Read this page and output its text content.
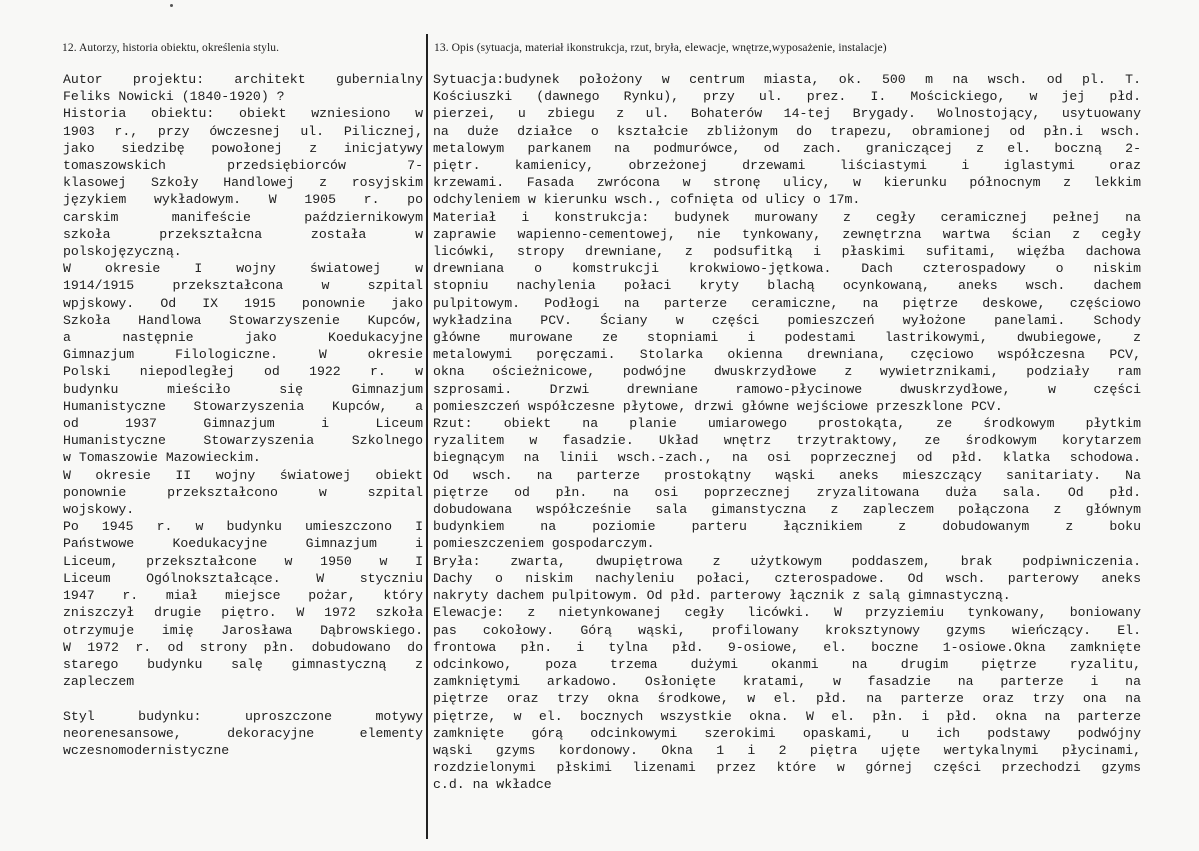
12. Autorzy, historia obiektu, określenia stylu.	13. Opis (sytuacja, materiał ikonstrukcja, rzut, bryła, elewacje, wnętrze,wyposażenie, instalacje)
Autor projektu: architekt gubernialny
Feliks Nowicki (1840-1920) ?
Historia obiektu: obiekt wzniesiono w
1903 r., przy ówczesnej ul. Pilicznej,
jako siedzibę powołonej z inicjatywy
tomaszowskich przedsiębiorców 7-
klasowej Szkoły Handlowej z rosyjskim
językiem wykładowym. W 1905 r. po
carskim manifeście październikowym
szkoła przekształcna została w
polskojęzyczną.
W okresie I wojny światowej w
1914/1915 przekształcona w szpital
wpjskowy. Od IX 1915 ponownie jako
Szkoła Handlowa Stowarzyszenie Kupców,
a następnie jako Koedukacyjne
Gimnazjum Filologiczne. W okresie
Polski niepodległej od 1922 r. w
budynku mieściło się Gimnazjum
Humanistyczne Stowarzyszenia Kupców, a
od 1937 Gimnazjum i Liceum
Humanistyczne Stowarzyszenia Szkolnego
w Tomaszowie Mazowieckim.
W okresie II wojny światowej obiekt
ponownie przekształcono w szpital
wojskowy.
Po 1945 r. w budynku umieszczono I
Państwowe Koedukacyjne Gimnazjum i
Liceum, przekształcone w 1950 w I
Liceum Ogólnokształcące. W styczniu
1947 r. miał miejsce pożar, który
zniszczył drugie piętro. W 1972 szkoła
otrzymuje imię Jarosława Dąbrowskiego.
W 1972 r. od strony płn. dobudowano do
starego budynku salę gimnastyczną z
zapleczem
Styl budynku: uproszczone motywy
neorenesansowe, dekoracyjne elementy
wczesnomodernistyczne
Sytuacja:budynek położony w centrum miasta, ok. 500 m na wsch. od pl. T.
Kościuszki (dawnego Rynku), przy ul. prez. I. Mościckiego, w jej płd.
pierzei, u zbiegu z ul. Bohaterów 14-tej Brygady. Wolnostojący, usytuowany
na duże działce o kształcie zbliżonym do trapezu, obramionej od płn.i wsch.
metalowym parkanem na podmurówce, od zach. graniczącej z el. boczną 2-
piętr. kamienicy, obrzeżonej drzewami liściastymi i iglastymi oraz
krzewami. Fasada zwrócona w stronę ulicy, w kierunku północnym z lekkim
odchyleniem w kierunku wsch., cofnięta od ulicy o 17m.
Materiał i konstrukcja: budynek murowany z cegły ceramicznej pełnej na
zaprawie wapienno-cementowej, nie tynkowany, zewnętrzna wartwa ścian z cegły
licówki, stropy drewniane, z podsufitką i płaskimi sufitami, więźba dachowa
drewniana o komstrukcji krokwiowo-jętkowa. Dach czterospadowy o niskim
stopniu nachylenia połaci kryty blachą ocynkowaną, aneks wsch. dachem
pulpitowym. Podłogi na parterze ceramiczne, na piętrze deskowe, częściowo
wykładzina PCV. Ściany w części pomieszczeń wyłożone panelami. Schody
główne murowane ze stopniami i podestami lastrikowymi, dwubiegowe, z
metalowymi poręczami. Stolarka okienna drewniana, częciowo współczesna PCV,
okna ościeżnicowe, podwójne dwuskrzydłowe z wywietrznikami, podziały ram
szprosami. Drzwi drewniane ramowo-płycinowe dwuskrzydłowe, w części
pomieszczeń współczesne płytowe, drzwi główne wejściowe przeszklone PCV.
Rzut: obiekt na planie umiarowego prostokąta, ze środkowym płytkim
ryzalitem w fasadzie. Układ wnętrz trzytraktowy, ze środkowym korytarzem
biegnącym na linii wsch.-zach., na osi poprzecznej od płd. klatka schodowa.
Od wsch. na parterze prostokątny wąski aneks mieszczący sanitariaty. Na
piętrze od płn. na osi poprzecznej zryzalitowana duża sala. Od płd.
dobudowana współcześnie sala gimanstyczna z zapleczem połączona z głównym
budynkiem na poziomie parteru łącznikiem z dobudowanym z boku
pomieszczeniem gospodarczym.
Bryła: zwarta, dwupiętrowa z użytkowym poddaszem, brak podpiwniczenia.
Dachy o niskim nachyleniu połaci, czterospadowe. Od wsch. parterowy aneks
nakryty dachem pulpitowym. Od płd. parterowy łącznik z salą gimnastyczną.
Elewacje: z nietynkowanej cegły licówki. W przyziemiu tynkowany, boniowany
pas cokołowy. Górą wąski, profilowany kroksztynowy gzyms wieńczący. El.
frontowa płn. i tylna płd. 9-osiowe, el. boczne 1-osiowe.Okna zamknięte
odcinkowo, poza trzema dużymi okanmi na drugim piętrze ryzalitu,
zamkniętymi arkadowo. Osłonięte kratami, w fasadzie na parterze i na
piętrze oraz trzy okna środkowe, w el. płd. na parterze oraz trzy ona na
piętrze, w el. bocznych wszystkie okna. W el. płn. i płd. okna na parterze
zamknięte górą odcinkowymi szerokimi opaskami, u ich podstawy podwójny
wąski gzyms kordonowy. Okna 1 i 2 piętra ujęte wertykalnymi płycinami,
rozdzielonymi płskimi lizenami przez które w górnej części przechodzi gzyms
c.d. na wkładce
